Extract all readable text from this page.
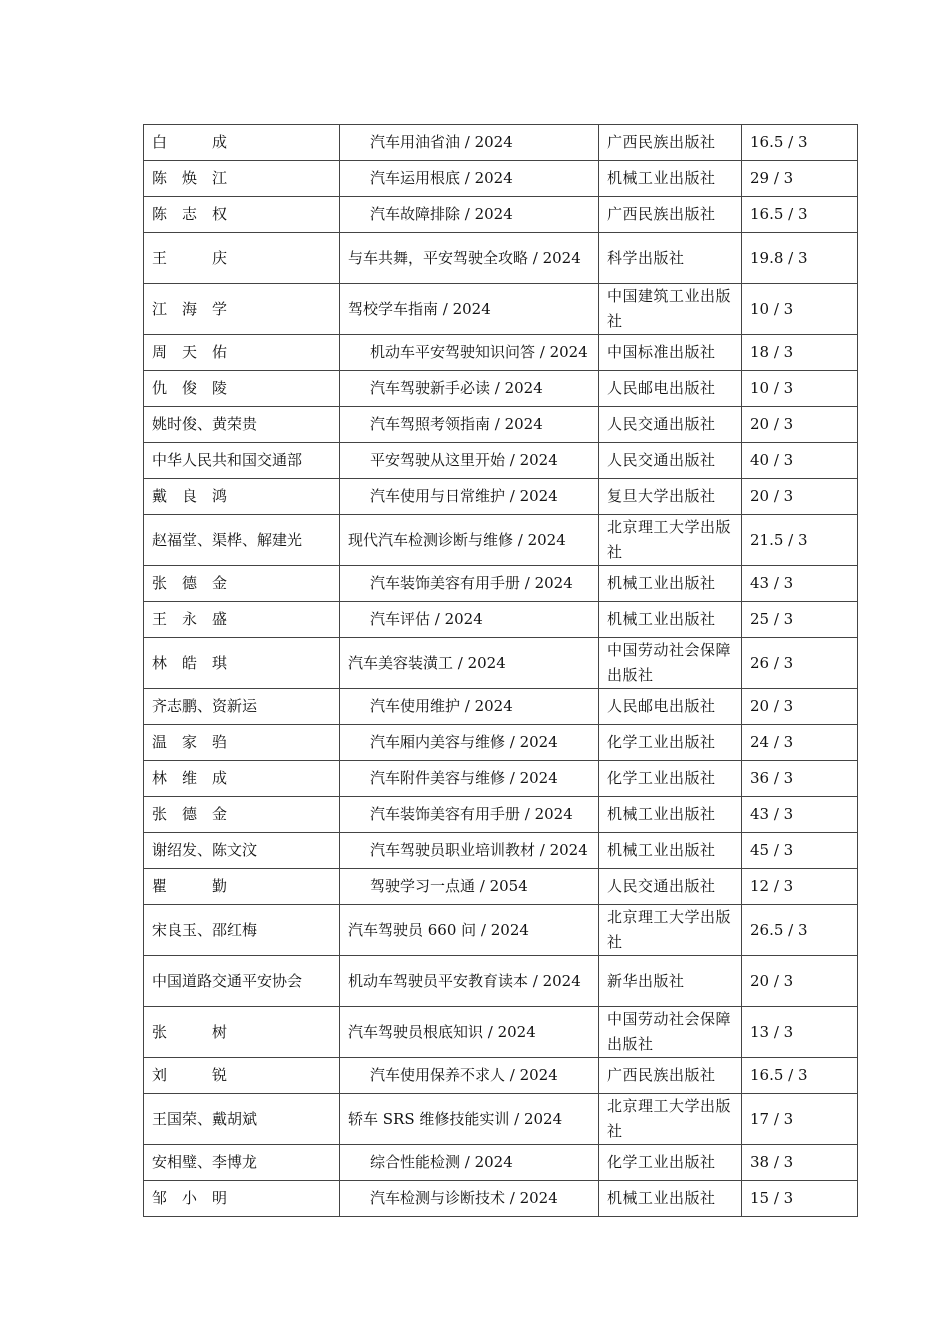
白　　　成	汽车用油省油 / 2024	广西民族出版社	16.5 / 3
陈　焕　江	汽车运用根底 / 2024	机械工业出版社	29 / 3
陈　志　权	汽车故障排除 / 2024	广西民族出版社	16.5 / 3
王　　　庆	与车共舞，平安驾驶全攻略 / 2024	科学出版社	19.8 / 3
江　海　学	驾校学车指南 / 2024	中国建筑工业出版社	10 / 3
周　天　佑	机动车平安驾驶知识问答 / 2024	中国标准出版社	18 / 3
仇　俊　陵	汽车驾驶新手必读 / 2024	人民邮电出版社	10 / 3
姚时俊、黄荣贵	汽车驾照考领指南 / 2024	人民交通出版社	20 / 3
中华人民共和国交通部	平安驾驶从这里开始 / 2024	人民交通出版社	40 / 3
戴　良　鸿	汽车使用与日常维护 / 2024	复旦大学出版社	20 / 3
赵福堂、渠桦、解建光	现代汽车检测诊断与维修 / 2024	北京理工大学出版社	21.5 / 3
张　德　金	汽车装饰美容有用手册 / 2024	机械工业出版社	43 / 3
王　永　盛	汽车评估 / 2024	机械工业出版社	25 / 3
林　皓　琪	汽车美容装潢工 / 2024	中国劳动社会保障出版社	26 / 3
齐志鹏、资新运	汽车使用维护 / 2024	人民邮电出版社	20 / 3
温　家　驺	汽车厢内美容与维修 / 2024	化学工业出版社	24 / 3
林　维　成	汽车附件美容与维修 / 2024	化学工业出版社	36 / 3
张　德　金	汽车装饰美容有用手册 / 2024	机械工业出版社	43 / 3
谢绍发、陈文汶	汽车驾驶员职业培训教材 / 2024	机械工业出版社	45 / 3
瞿　　　勤	驾驶学习一点通 / 2054	人民交通出版社	12 / 3
宋良玉、邵红梅	汽车驾驶员 660 问 / 2024	北京理工大学出版社	26.5 / 3
中国道路交通平安协会	机动车驾驶员平安教育读本 / 2024	新华出版社	20 / 3
张　　　树	汽车驾驶员根底知识 / 2024	中国劳动社会保障出版社	13 / 3
刘　　　锐	汽车使用保养不求人 / 2024	广西民族出版社	16.5 / 3
王国荣、戴胡斌	轿车 SRS 维修技能实训 / 2024	北京理工大学出版社	17 / 3
安相璧、李博龙	综合性能检测 / 2024	化学工业出版社	38 / 3
邹　小　明	汽车检测与诊断技术 / 2024	机械工业出版社	15 / 3
